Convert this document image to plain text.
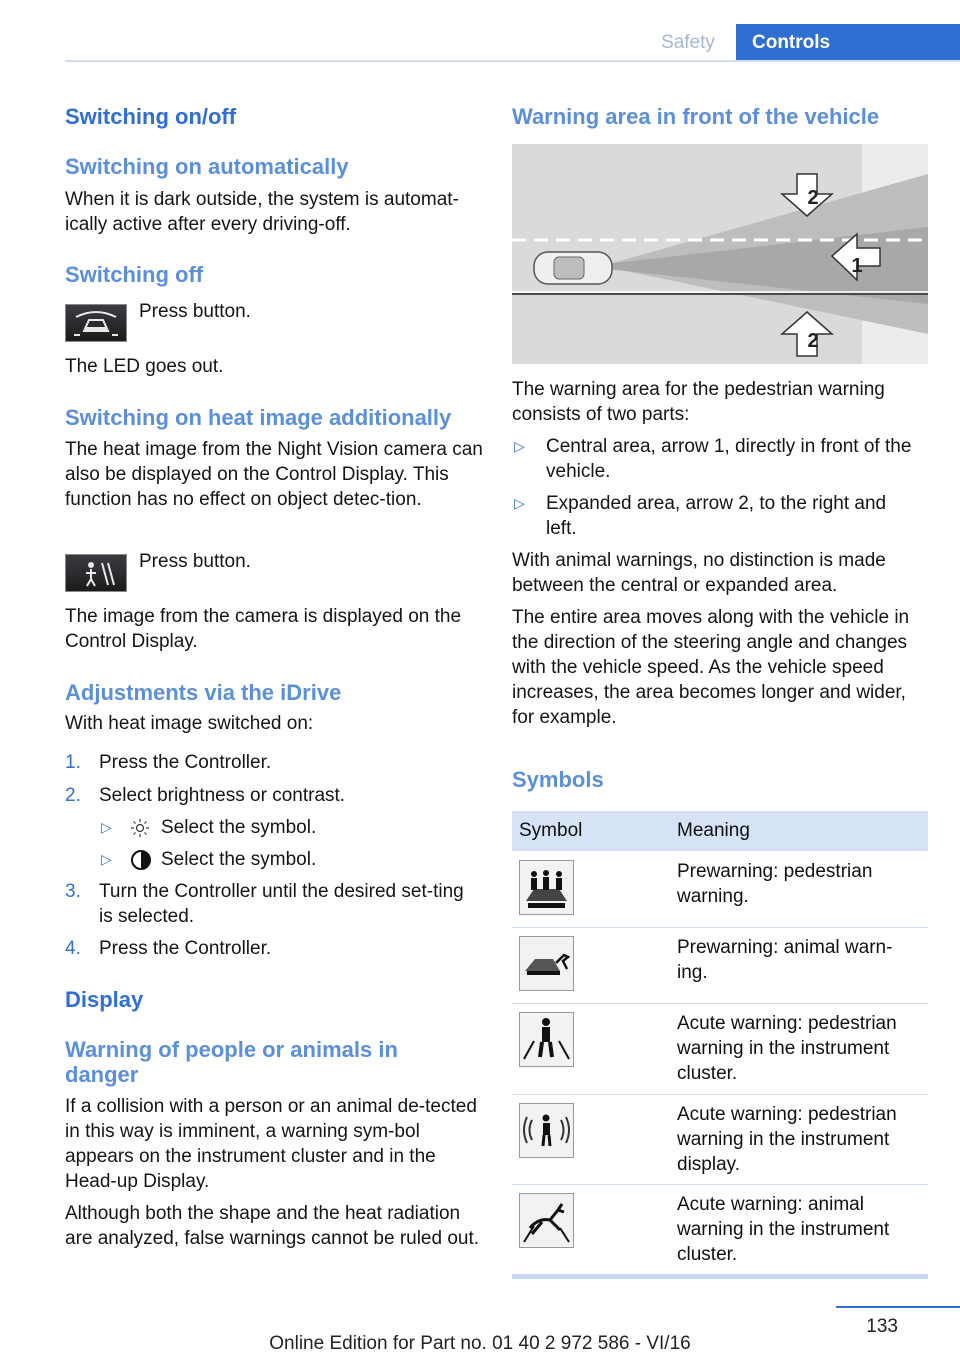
Safety	Controls
Switching on/off
Switching on automatically
When it is dark outside, the system is automat-ically active after every driving-off.
Switching off
Press button.
The LED goes out.
Switching on heat image additionally
The heat image from the Night Vision camera can also be displayed on the Control Display. This function has no effect on object detec-tion.
Press button.
The image from the camera is displayed on the Control Display.
Adjustments via the iDrive
With heat image switched on:
1. Press the Controller.
2. Select brightness or contrast.
▷	Select the symbol.
▷	Select the symbol.
3. Turn the Controller until the desired set-ting is selected.
4. Press the Controller.
Display
Warning of people or animals in danger
If a collision with a person or an animal de-tected in this way is imminent, a warning sym-bol appears on the instrument cluster and in the Head-up Display.
Although both the shape and the heat radiation are analyzed, false warnings cannot be ruled out.
Warning area in front of the vehicle
2
1
2
The warning area for the pedestrian warning consists of two parts:
▷ Central area, arrow 1, directly in front of the vehicle.
▷ Expanded area, arrow 2, to the right and left.
With animal warnings, no distinction is made between the central or expanded area.
The entire area moves along with the vehicle in the direction of the steering angle and changes with the vehicle speed. As the vehicle speed increases, the area becomes longer and wider, for example.
Symbols
Symbol	Meaning
Prewarning: pedestrian warning.
Prewarning: animal warn-ing.
Acute warning: pedestrian warning in the instrument cluster.
Acute warning: pedestrian warning in the instrument display.
Acute warning: animal warning in the instrument cluster.
133
Online Edition for Part no. 01 40 2 972 586 - VI/16
